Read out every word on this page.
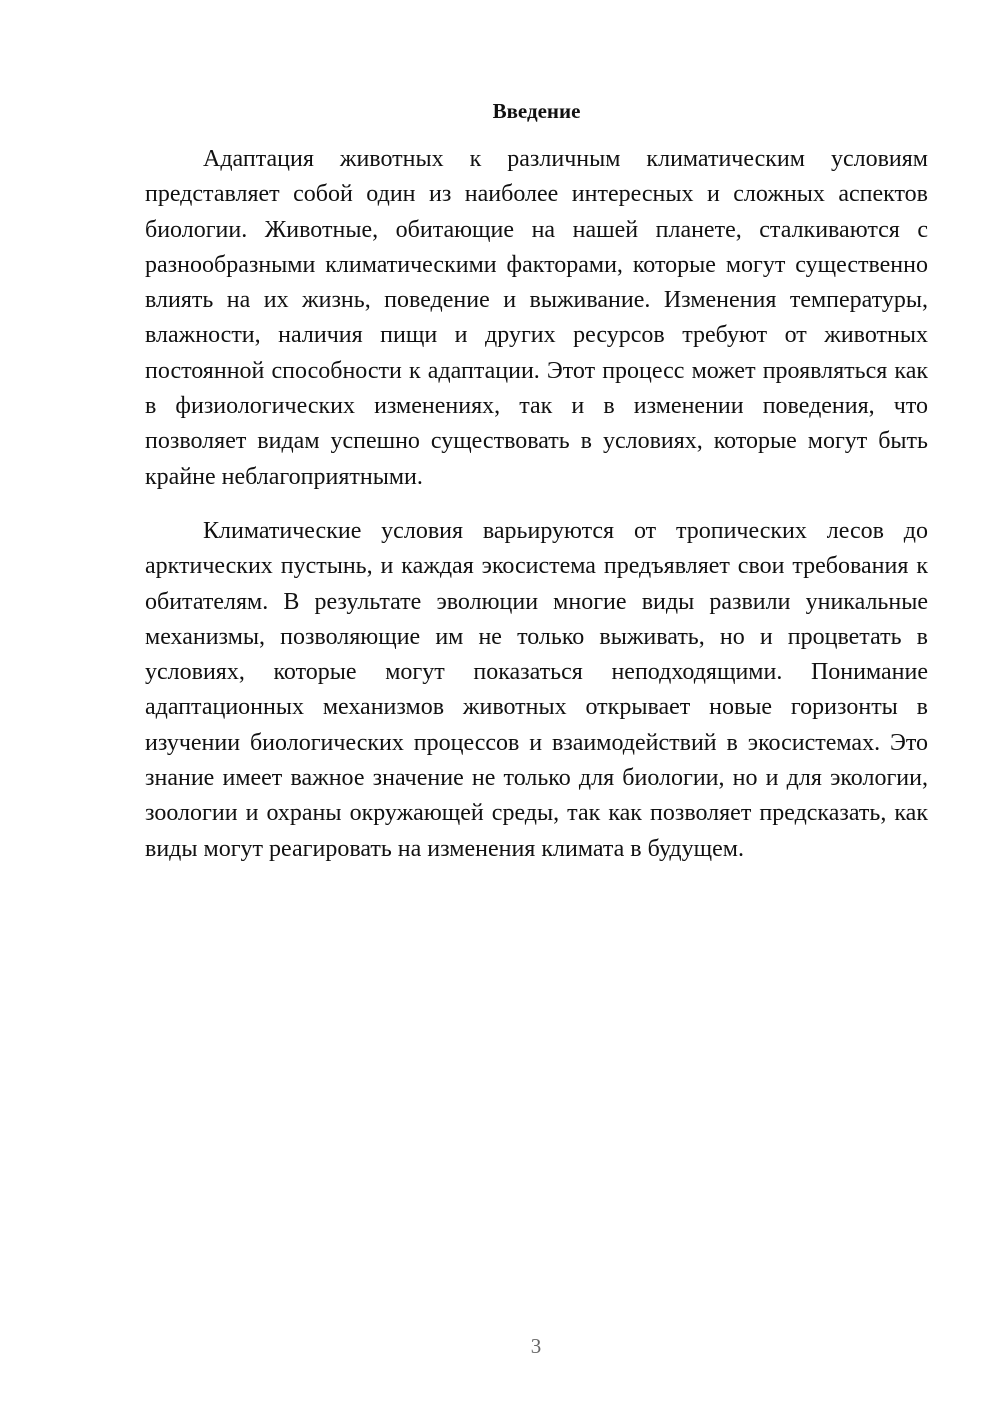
Введение

Адаптация животных к различным климатическим условиям представляет собой один из наиболее интересных и сложных аспектов биологии. Животные, обитающие на нашей планете, сталкиваются с разнообразными климатическими факторами, которые могут существенно влиять на их жизнь, поведение и выживание. Изменения температуры, влажности, наличия пищи и других ресурсов требуют от животных постоянной способности к адаптации. Этот процесс может проявляться как в физиологических изменениях, так и в изменении поведения, что позволяет видам успешно существовать в условиях, которые могут быть крайне неблагоприятными.

Климатические условия варьируются от тропических лесов до арктических пустынь, и каждая экосистема предъявляет свои требования к обитателям. В результате эволюции многие виды развили уникальные механизмы, позволяющие им не только выживать, но и процветать в условиях, которые могут показаться неподходящими. Понимание адаптационных механизмов животных открывает новые горизонты в изучении биологических процессов и взаимодействий в экосистемах. Это знание имеет важное значение не только для биологии, но и для экологии, зоологии и охраны окружающей среды, так как позволяет предсказать, как виды могут реагировать на изменения климата в будущем.

3
